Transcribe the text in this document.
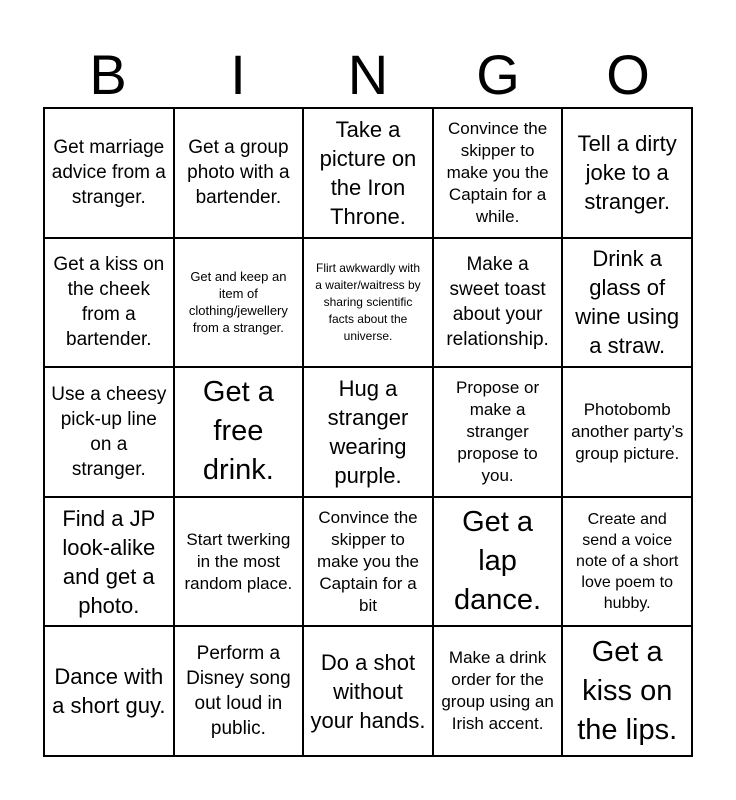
B	I	N	G	O
Get marriage advice from a stranger.
Get a group photo with a bartender.
Take a picture on the Iron Throne.
Convince the skipper to make you the Captain for a while.
Tell a dirty joke to a stranger.
Get a kiss on the cheek from a bartender.
Get and keep an item of clothing/jewellery from a stranger.
Flirt awkwardly with a waiter/waitress by sharing scientific facts about the universe.
Make a sweet toast about your relationship.
Drink a glass of wine using a straw.
Use a cheesy pick-up line on a stranger.
Get a free drink.
Hug a stranger wearing purple.
Propose or make a stranger propose to you.
Photobomb another party’s group picture.
Find a JP look-alike and get a photo.
Start twerking in the most random place.
Convince the skipper to make you the Captain for a bit
Get a lap dance.
Create and send a voice note of a short love poem to hubby.
Dance with a short guy.
Perform a Disney song out loud in public.
Do a shot without your hands.
Make a drink order for the group using an Irish accent.
Get a kiss on the lips.
